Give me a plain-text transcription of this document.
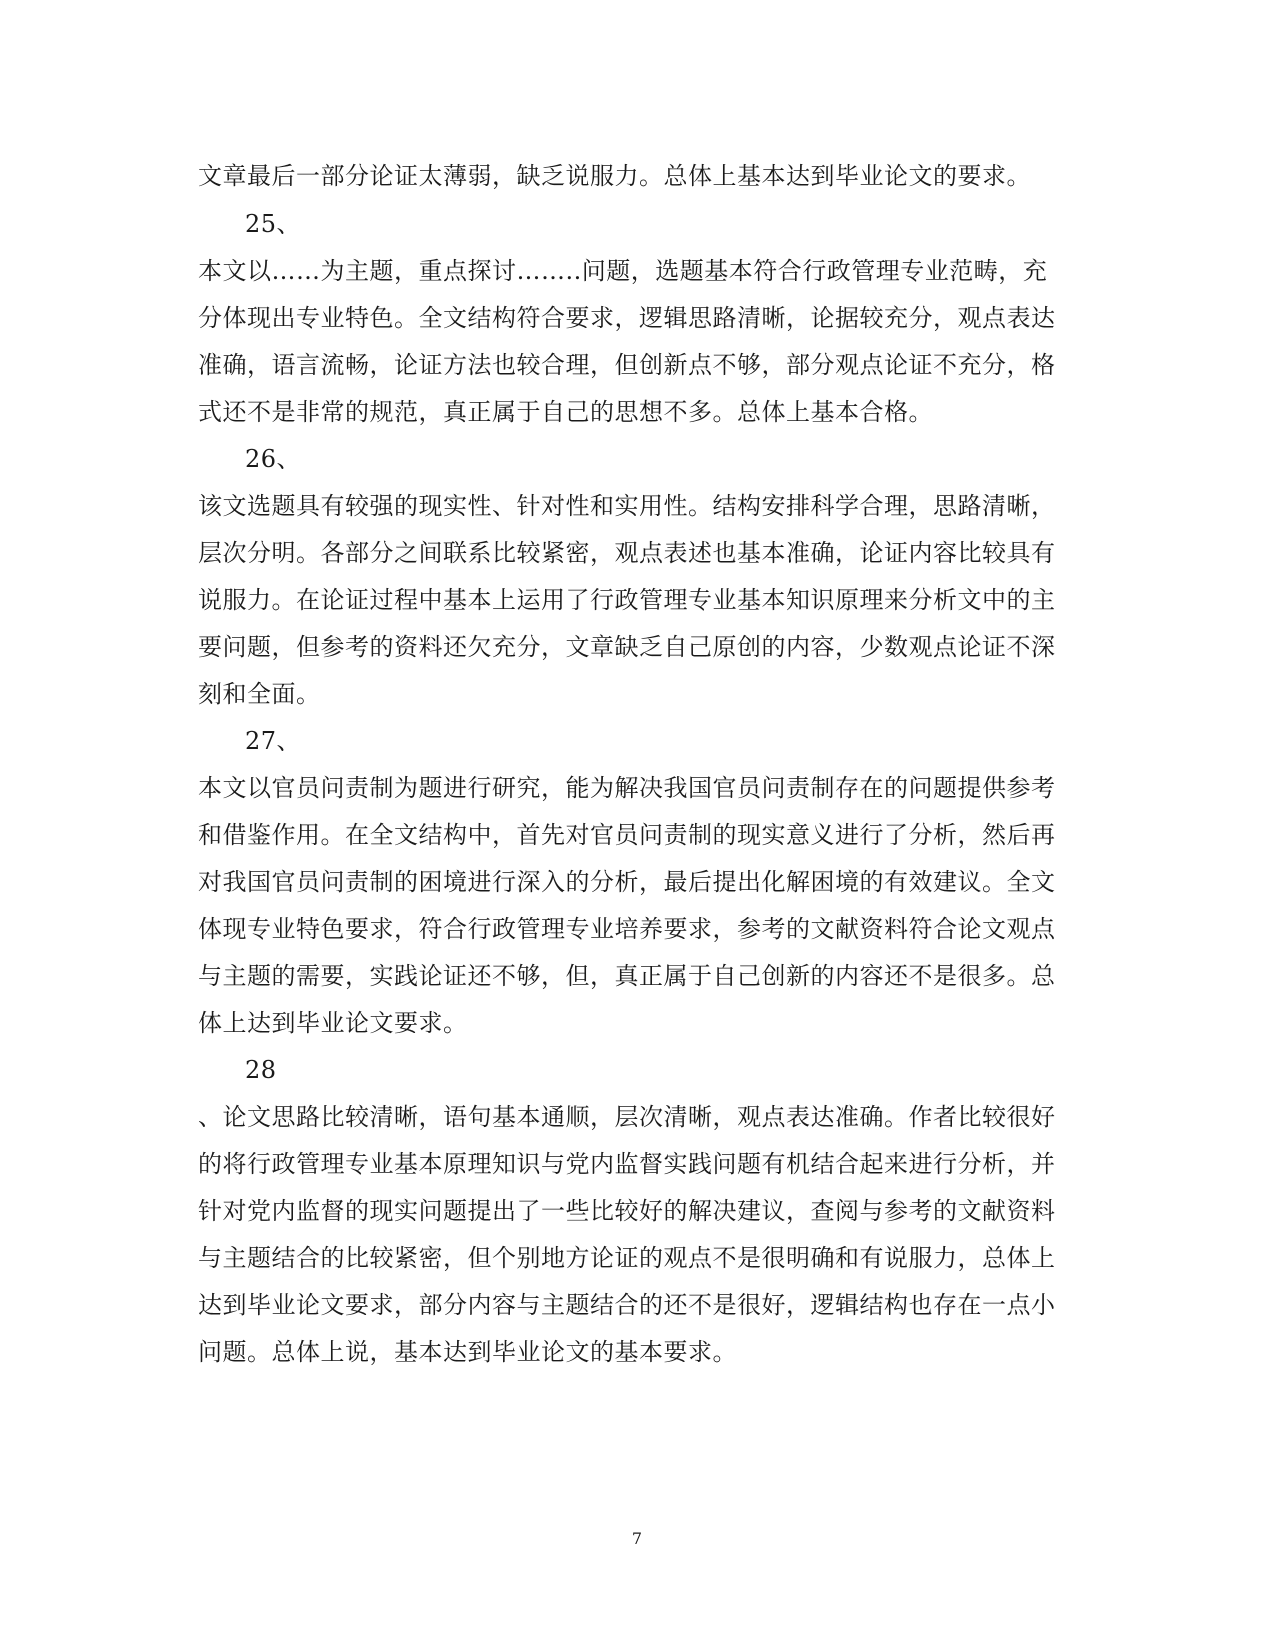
文章最后一部分论证太薄弱，缺乏说服力。总体上基本达到毕业论文的要求。
25、
本文以……为主题，重点探讨……..问题，选题基本符合行政管理专业范畴，充
分体现出专业特色。全文结构符合要求，逻辑思路清晰，论据较充分，观点表达
准确，语言流畅，论证方法也较合理，但创新点不够，部分观点论证不充分，格
式还不是非常的规范，真正属于自己的思想不多。总体上基本合格。
26、
该文选题具有较强的现实性、针对性和实用性。结构安排科学合理，思路清晰，
层次分明。各部分之间联系比较紧密，观点表述也基本准确，论证内容比较具有
说服力。在论证过程中基本上运用了行政管理专业基本知识原理来分析文中的主
要问题，但参考的资料还欠充分，文章缺乏自己原创的内容，少数观点论证不深
刻和全面。
27、
本文以官员问责制为题进行研究，能为解决我国官员问责制存在的问题提供参考
和借鉴作用。在全文结构中，首先对官员问责制的现实意义进行了分析，然后再
对我国官员问责制的困境进行深入的分析，最后提出化解困境的有效建议。全文
体现专业特色要求，符合行政管理专业培养要求，参考的文献资料符合论文观点
与主题的需要，实践论证还不够，但，真正属于自己创新的内容还不是很多。总
体上达到毕业论文要求。
28
、论文思路比较清晰，语句基本通顺，层次清晰，观点表达准确。作者比较很好
的将行政管理专业基本原理知识与党内监督实践问题有机结合起来进行分析，并
针对党内监督的现实问题提出了一些比较好的解决建议，查阅与参考的文献资料
与主题结合的比较紧密，但个别地方论证的观点不是很明确和有说服力，总体上
达到毕业论文要求，部分内容与主题结合的还不是很好，逻辑结构也存在一点小
问题。总体上说，基本达到毕业论文的基本要求。
7
